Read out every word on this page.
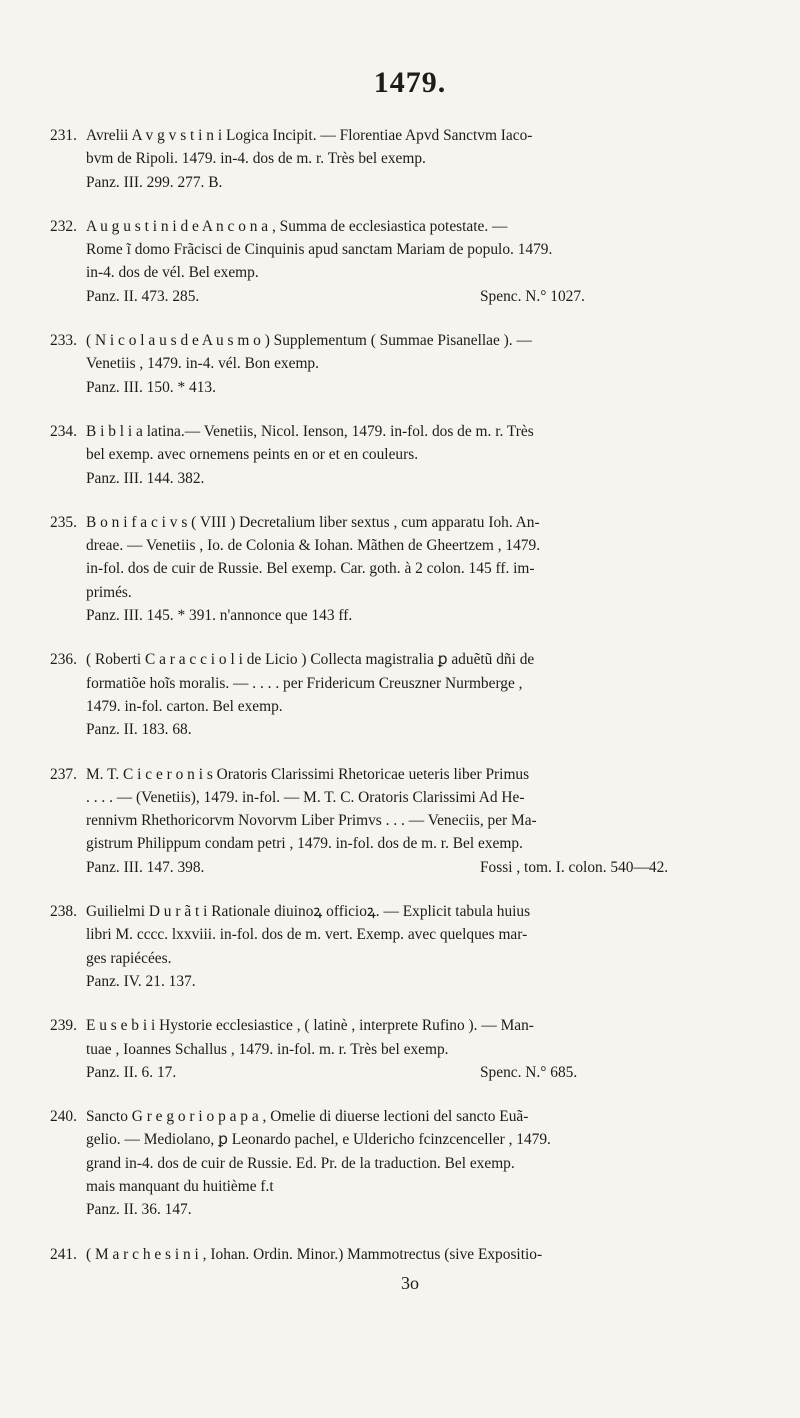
1479.
231. Avrelii A v g v s t i n i Logica Incipit. — Florentiae Apvd Sanctvm Iaco-
bvm de Ripoli. 1479. in-4. dos de m. r. Très bel exemp.
Panz. III. 299. 277. B.
232. A u g u s t i n i d e A n c o n a , Summa de ecclesiastica potestate. —
Rome ĩ domo Frãcisci de Cinquinis apud sanctam Mariam de populo. 1479.
in-4. dos de vél. Bel exemp.
Panz. II. 473. 285.	Spenc. N.° 1027.
233. ( N i c o l a u s d e A u s m o ) Supplementum ( Summae Pisanellae ). —
Venetiis , 1479. in-4. vél. Bon exemp.
Panz. III. 150. * 413.
234. B i b l i a latina.— Venetiis, Nicol. Ienson, 1479. in-fol. dos de m. r. Très
bel exemp. avec ornemens peints en or et en couleurs.
Panz. III. 144. 382.
235. B o n i f a c i v s ( VIII ) Decretalium liber sextus , cum apparatu Ioh. An-
dreae. — Venetiis , Io. de Colonia & Iohan. Mãthen de Gheertzem , 1479.
in-fol. dos de cuir de Russie. Bel exemp. Car. goth. à 2 colon. 145 ff. im-
primés.
Panz. III. 145. * 391. n'annonce que 143 ff.
236. ( Roberti C a r a c c i o l i de Licio ) Collecta magistralia ꝑ aduẽtũ dñi de
formatiõe hoĩs moralis. — . . . . per Fridericum Creuszner Nurmberge ,
1479. in-fol. carton. Bel exemp.
Panz. II. 183. 68.
237. M. T. C i c e r o n i s Oratoris Clarissimi Rhetoricae ueteris liber Primus
. . . . — (Venetiis), 1479. in-fol. — M. T. C. Oratoris Clarissimi Ad He-
rennivm Rhethoricorvm Novorvm Liber Primvs . . . — Veneciis, per Ma-
gistrum Philippum condam petri , 1479. in-fol. dos de m. r. Bel exemp.
Panz. III. 147. 398.	Fossi , tom. I. colon. 540—42.
238. Guilielmi D u r ã t i Rationale diuinoꝝ officioꝝ. — Explicit tabula huius
libri M. cccc. lxxviii. in-fol. dos de m. vert. Exemp. avec quelques mar-
ges rapiécées.
Panz. IV. 21. 137.
239. E u s e b i i Hystorie ecclesiastice , ( latinè , interprete Rufino ). — Man-
tuae , Ioannes Schallus , 1479. in-fol. m. r. Très bel exemp.
Panz. II. 6. 17.	Spenc. N.° 685.
240. Sancto G r e g o r i o p a p a , Omelie di diuerse lectioni del sancto Euã-
gelio. — Mediolano, ꝑ Leonardo pachel, e Uldericho fcinzcenceller , 1479.
grand in-4. dos de cuir de Russie. Ed. Pr. de la traduction. Bel exemp.
mais manquant du huitième f.t
Panz. II. 36. 147.
241. ( M a r c h e s i n i , Iohan. Ordin. Minor.) Mammotrectus (sive Expositio-
3o
